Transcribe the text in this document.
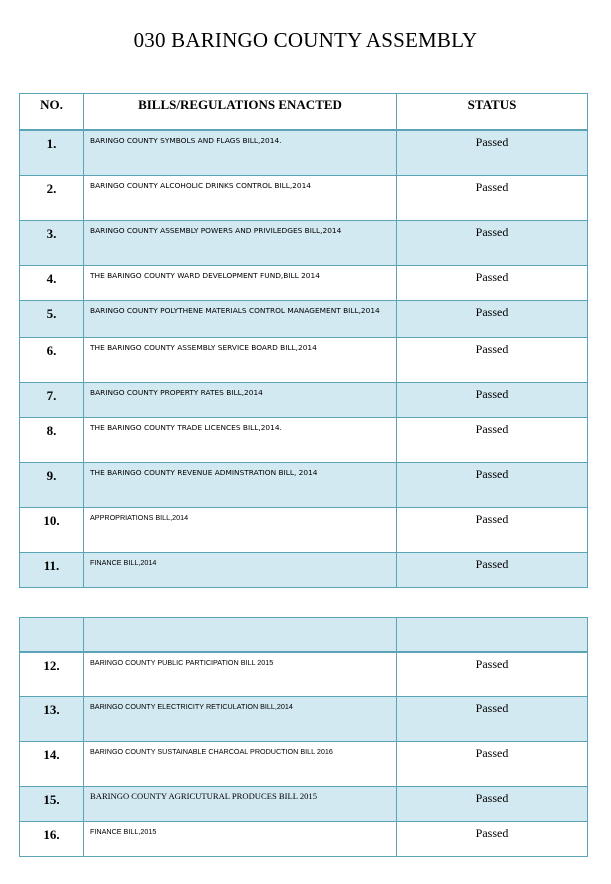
030 BARINGO COUNTY ASSEMBLY
NO.	BILLS/REGULATIONS ENACTED	STATUS
1.	BARINGO COUNTY SYMBOLS AND FLAGS BILL,2014.	Passed
2.	BARINGO COUNTY ALCOHOLIC DRINKS CONTROL BILL,2014	Passed
3.	BARINGO COUNTY ASSEMBLY POWERS AND PRIVILEDGES BILL,2014	Passed
4.	THE BARINGO COUNTY WARD DEVELOPMENT FUND,BILL 2014	Passed
5.	BARINGO COUNTY POLYTHENE MATERIALS CONTROL MANAGEMENT BILL,2014	Passed
6.	THE BARINGO COUNTY ASSEMBLY SERVICE BOARD BILL,2014	Passed
7.	BARINGO COUNTY PROPERTY RATES BILL,2014	Passed
8.	THE BARINGO COUNTY TRADE LICENCES BILL,2014.	Passed
9.	THE BARINGO COUNTY REVENUE ADMINSTRATION BILL, 2014	Passed
10.	APPROPRIATIONS BILL,2014	Passed
11.	FINANCE BILL,2014	Passed

12.	BARINGO COUNTY PUBLIC PARTICIPATION BILL 2015	Passed
13.	BARINGO COUNTY ELECTRICITY RETICULATION BILL,2014	Passed
14.	BARINGO COUNTY SUSTAINABLE CHARCOAL PRODUCTION BILL 2016	Passed
15.	BARINGO COUNTY AGRICUTURAL PRODUCES BILL 2015	Passed
16.	FINANCE BILL,2015	Passed
